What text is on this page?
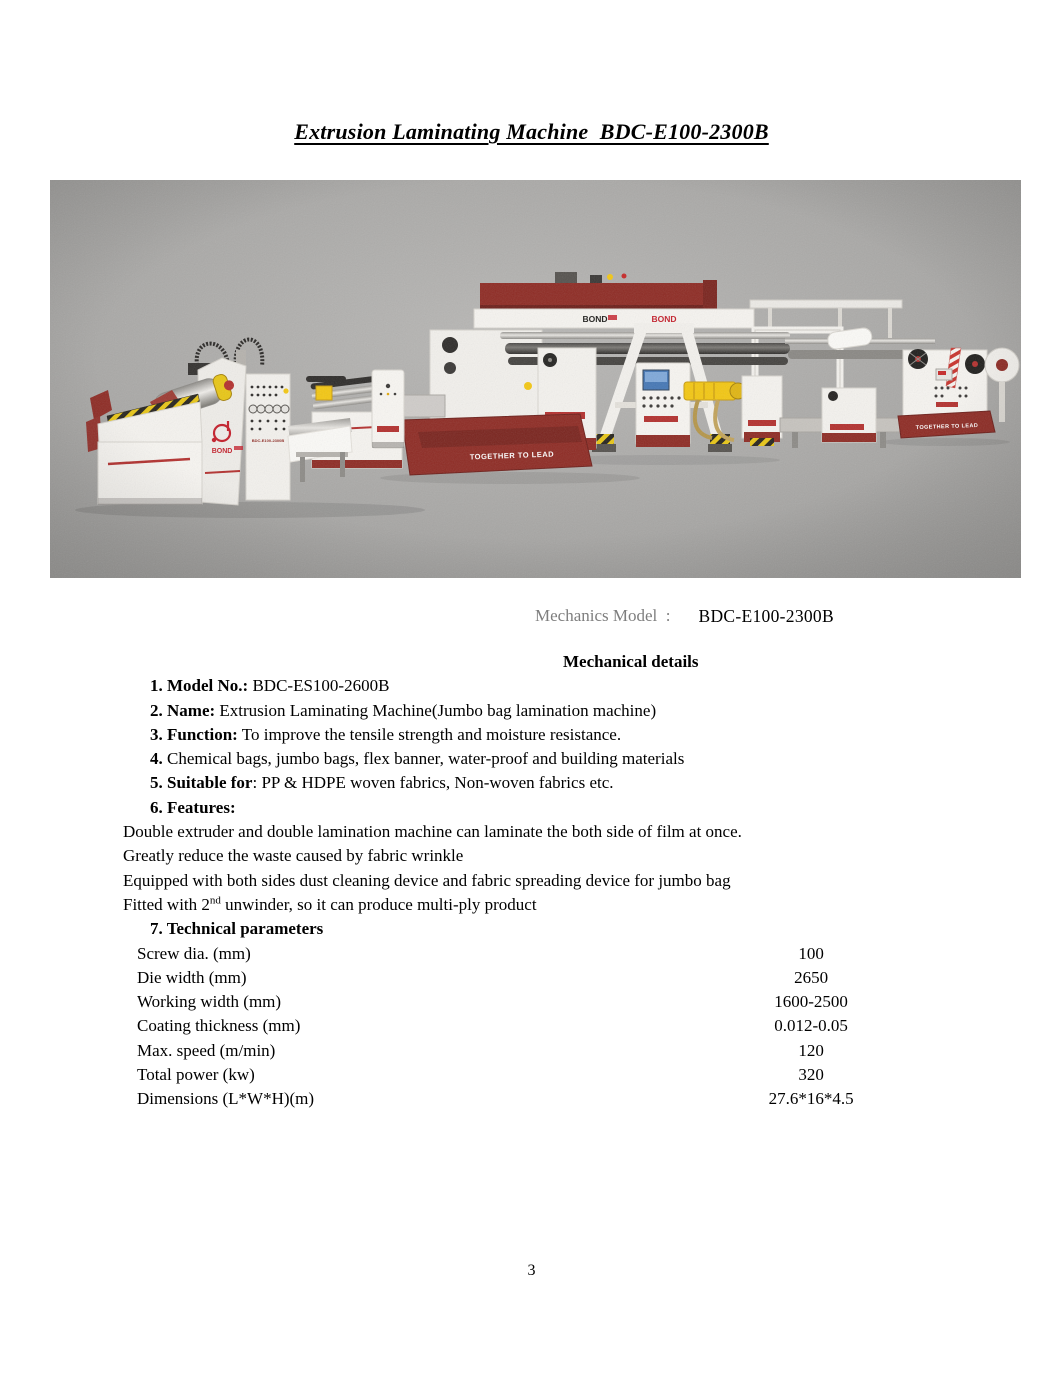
Extrusion Laminating Machine  BDC-E100-2300B
Mechanics Model  : BDC-E100-2300B
Mechanical details
1. Model No.: BDC-ES100-2600B
2. Name: Extrusion Laminating Machine(Jumbo bag lamination machine)
3. Function: To improve the tensile strength and moisture resistance.
4. Chemical bags, jumbo bags, flex banner, water-proof and building materials
5. Suitable for: PP & HDPE woven fabrics, Non-woven fabrics etc.
6. Features:
Double extruder and double lamination machine can laminate the both side of film at once.
Greatly reduce the waste caused by fabric wrinkle
Equipped with both sides dust cleaning device and fabric spreading device for jumbo bag
Fitted with 2nd unwinder, so it can produce multi-ply product
7. Technical parameters
Screw dia. (mm)	100
Die width (mm)	2650
Working width (mm)	1600-2500
Coating thickness (mm)	0.012-0.05
Max. speed (m/min)	120
Total power (kw)	320
Dimensions (L*W*H)(m)	27.6*16*4.5
3
